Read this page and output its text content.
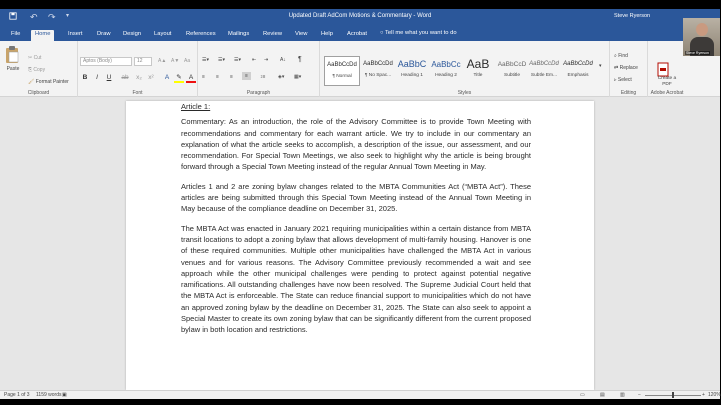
↶ ↷ ▾	Updated Draft AdCom Motions & Commentary - Word	Steve Ryerson
File	Home	Insert	Draw	Design	Layout	References	Mailings	Review	View	Help	Acrobat	○ Tell me what you want to do
Paste
✂ Cut
⎘ Copy
🖌 Format Painter
Clipboard
Aptos (Body)	12	A▲ A▼ Aa
B	I	U ab	x₂ x²	A	✎	A
Font
☰▾ ☰▾ ☰▾ ⇤ ⇥ A↓ ¶
≡ ≡ ≡	≡	↕≡	◈▾ ▦▾
Paragraph
AaBbCcDd
¶ Normal
AaBbCcDd
¶ No Spac...
AaBbC
Heading 1
AaBbCc
Heading 2
AaB
Title
AaBbCcD
Subtitle
AaBbCcDd
Subtle Em...
AaBbCcDd
Emphasis
▾
Styles
⌕ Find
⇄ Replace
▹ Select
Editing
Create a PDF
Adobe Acrobat

Article 1:

Commentary: As an introduction, the role of the Advisory Committee is to provide Town Meeting with recommendations and commentary for each warrant article. We try to include in our commentary an explanation of what the article seeks to accomplish, a description of the issue, our assessment, and our recommendation. For Special Town Meetings, we also seek to highlight why the article is being brought forward through a Special Town Meeting instead of the regular Annual Town Meeting in May.

Articles 1 and 2 are zoning bylaw changes related to the MBTA Communities Act (“MBTA Act”). These articles are being submitted through this Special Town Meeting instead of the Annual Town Meeting in May because of the compliance deadline on December 31, 2025.

The MBTA Act was enacted in January 2021 requiring municipalities within a certain distance from MBTA transit locations to adopt a zoning bylaw that allows development of multi-family housing. Hanover is one of these required communities. Multiple other municipalities have challenged the MBTA Act in various venues and for various reasons. The Advisory Committee previously recommended a wait and see approach while the other municipal challenges were pending to protect against potential negative ramifications. All outstanding challenges have now been resolved. The Supreme Judicial Court held that the MBTA Act is enforceable. The State can reduce financial support to municipalities which do not have an approved zoning bylaw by the deadline on December 31, 2025. The State can also seek to appoint a Special Master to create its own zoning bylaw that can be significantly different from the current proposed bylaw in both location and restrictions.

Page 1 of 3 1159 words ▣	▭	▤	▥	−	+ 120%
Steve Ryerson
